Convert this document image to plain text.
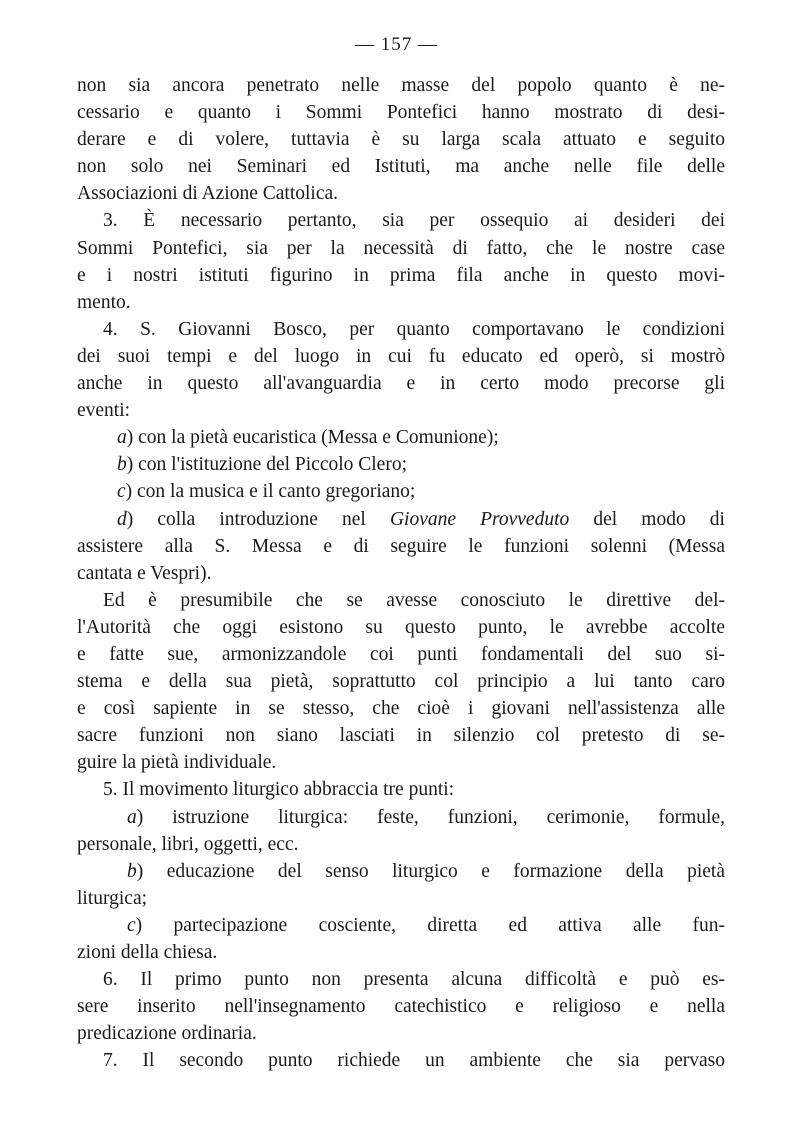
— 157 —
non sia ancora penetrato nelle masse del popolo quanto è ne-
cessario e quanto i Sommi Pontefici hanno mostrato di desi-
derare e di volere, tuttavia è su larga scala attuato e seguito
non solo nei Seminari ed Istituti, ma anche nelle file delle
Associazioni di Azione Cattolica.
3. È necessario pertanto, sia per ossequio ai desideri dei
Sommi Pontefici, sia per la necessità di fatto, che le nostre case
e i nostri istituti figurino in prima fila anche in questo movi-
mento.
4. S. Giovanni Bosco, per quanto comportavano le condizioni
dei suoi tempi e del luogo in cui fu educato ed operò, si mostrò
anche in questo all'avanguardia e in certo modo precorse gli
eventi:
a) con la pietà eucaristica (Messa e Comunione);
b) con l'istituzione del Piccolo Clero;
c) con la musica e il canto gregoriano;
d) colla introduzione nel Giovane Provveduto del modo di
assistere alla S. Messa e di seguire le funzioni solenni (Messa
cantata e Vespri).
Ed è presumibile che se avesse conosciuto le direttive del-
l'Autorità che oggi esistono su questo punto, le avrebbe accolte
e fatte sue, armonizzandole coi punti fondamentali del suo si-
stema e della sua pietà, soprattutto col principio a lui tanto caro
e così sapiente in se stesso, che cioè i giovani nell'assistenza alle
sacre funzioni non siano lasciati in silenzio col pretesto di se-
guire la pietà individuale.
5. Il movimento liturgico abbraccia tre punti:
a) istruzione liturgica: feste, funzioni, cerimonie, formule,
personale, libri, oggetti, ecc.
b) educazione del senso liturgico e formazione della pietà
liturgica;
c) partecipazione cosciente, diretta ed attiva alle fun-
zioni della chiesa.
6. Il primo punto non presenta alcuna difficoltà e può es-
sere inserito nell'insegnamento catechistico e religioso e nella
predicazione ordinaria.
7. Il secondo punto richiede un ambiente che sia pervaso
